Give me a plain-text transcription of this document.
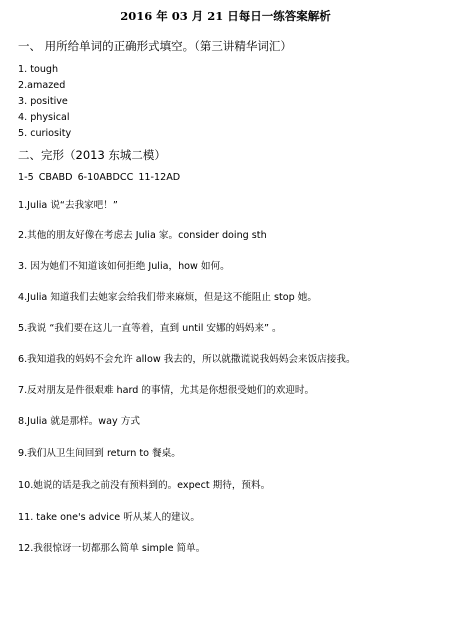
2016 年 03 月 21 日每日一练答案解析
一、 用所给单词的正确形式填空。（第三讲精华词汇）
1. tough
2.amazed
3. positive
4. physical
5. curiosity
二、完形（2013 东城二模）
1-5 CBABD 6-10ABDCC 11-12AD
1.Julia 说“去我家吧！”
2.其他的朋友好像在考虑去 Julia 家。consider doing sth
3. 因为她们不知道该如何拒绝 Julia，how 如何。
4.Julia 知道我们去她家会给我们带来麻烦，但是这不能阻止 stop 她。
5.我说 “我们要在这儿一直等着，直到 until 安娜的妈妈来” 。
6.我知道我的妈妈不会允许 allow 我去的，所以就撒谎说我妈妈会来饭店接我。
7.反对朋友是件很艰难 hard 的事情，尤其是你想很受她们的欢迎时。
8.Julia 就是那样。way 方式
9.我们从卫生间回到 return to 餐桌。
10.她说的话是我之前没有预料到的。expect 期待，预料。
11. take one's advice 听从某人的建议。
12.我很惊讶一切都那么简单 simple 简单。
